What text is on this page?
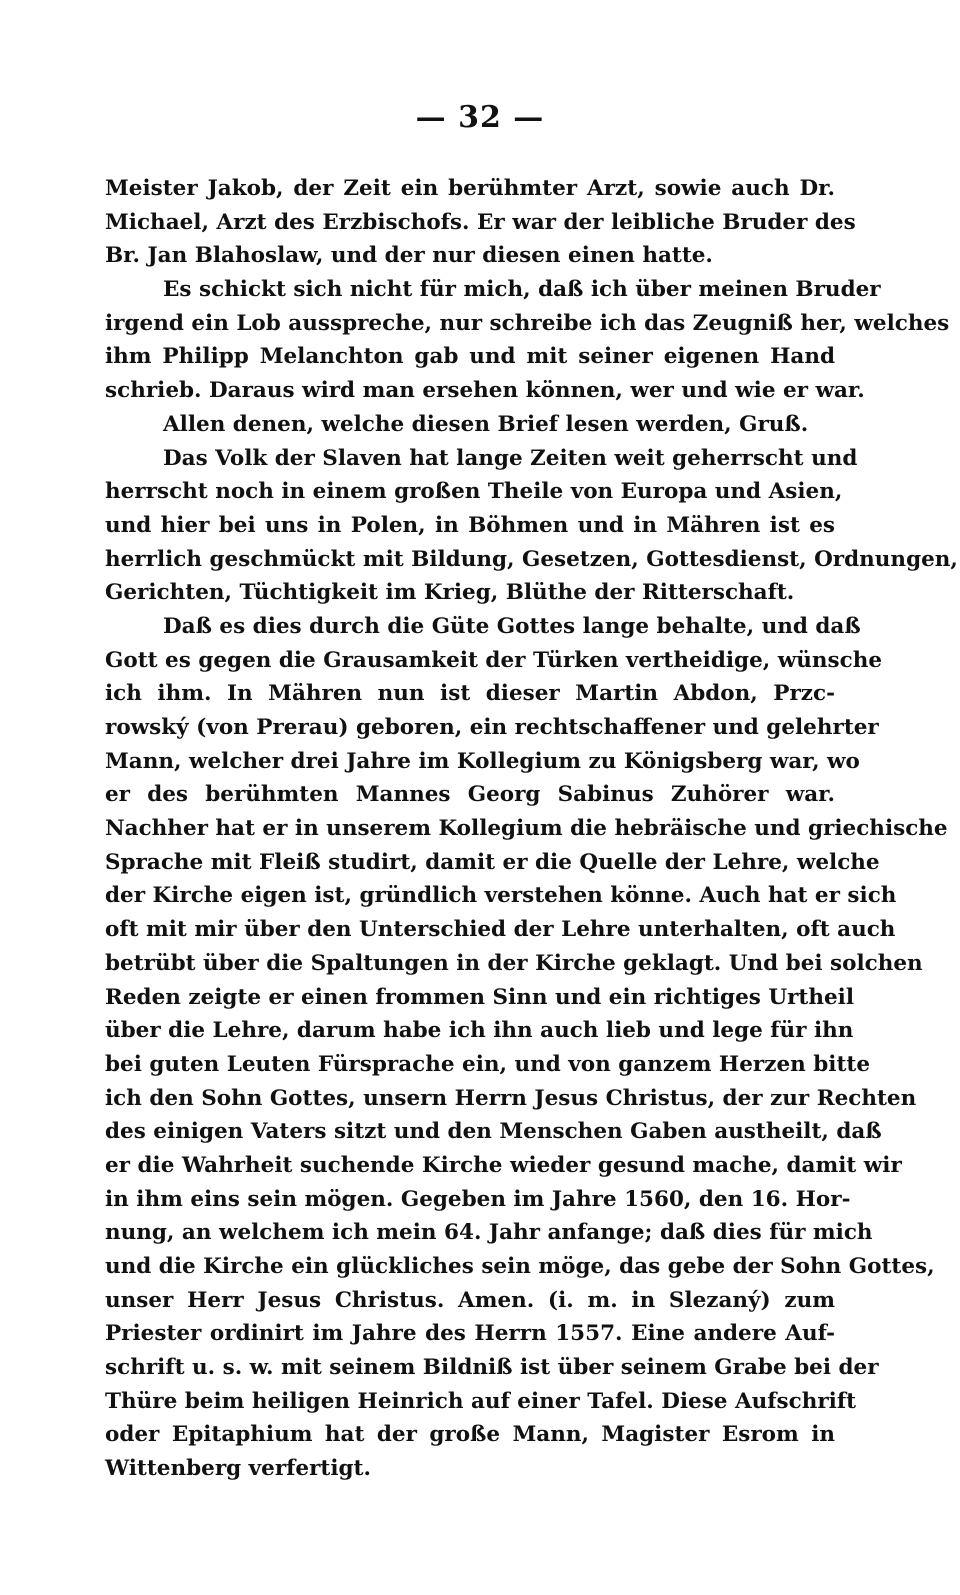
— 32 —
Meister Jakob, der Zeit ein berühmter Arzt, sowie auch Dr.
Michael, Arzt des Erzbischofs. Er war der leibliche Bruder des
Br. Jan Blahoslaw, und der nur diesen einen hatte.
Es schickt sich nicht für mich, daß ich über meinen Bruder
irgend ein Lob ausspreche, nur schreibe ich das Zeugniß her, welches
ihm Philipp Melanchton gab und mit seiner eigenen Hand
schrieb. Daraus wird man ersehen können, wer und wie er war.
Allen denen, welche diesen Brief lesen werden, Gruß.
Das Volk der Slaven hat lange Zeiten weit geherrscht und
herrscht noch in einem großen Theile von Europa und Asien,
und hier bei uns in Polen, in Böhmen und in Mähren ist es
herrlich geschmückt mit Bildung, Gesetzen, Gottesdienst, Ordnungen,
Gerichten, Tüchtigkeit im Krieg, Blüthe der Ritterschaft.
Daß es dies durch die Güte Gottes lange behalte, und daß
Gott es gegen die Grausamkeit der Türken vertheidige, wünsche
ich ihm. In Mähren nun ist dieser Martin Abdon, Przc-
rowský (von Prerau) geboren, ein rechtschaffener und gelehrter
Mann, welcher drei Jahre im Kollegium zu Königsberg war, wo
er des berühmten Mannes Georg Sabinus Zuhörer war.
Nachher hat er in unserem Kollegium die hebräische und griechische
Sprache mit Fleiß studirt, damit er die Quelle der Lehre, welche
der Kirche eigen ist, gründlich verstehen könne. Auch hat er sich
oft mit mir über den Unterschied der Lehre unterhalten, oft auch
betrübt über die Spaltungen in der Kirche geklagt. Und bei solchen
Reden zeigte er einen frommen Sinn und ein richtiges Urtheil
über die Lehre, darum habe ich ihn auch lieb und lege für ihn
bei guten Leuten Fürsprache ein, und von ganzem Herzen bitte
ich den Sohn Gottes, unsern Herrn Jesus Christus, der zur Rechten
des einigen Vaters sitzt und den Menschen Gaben austheilt, daß
er die Wahrheit suchende Kirche wieder gesund mache, damit wir
in ihm eins sein mögen. Gegeben im Jahre 1560, den 16. Hor-
nung, an welchem ich mein 64. Jahr anfange; daß dies für mich
und die Kirche ein glückliches sein möge, das gebe der Sohn Gottes,
unser Herr Jesus Christus. Amen. (i. m. in Slezaný) zum
Priester ordinirt im Jahre des Herrn 1557. Eine andere Auf-
schrift u. s. w. mit seinem Bildniß ist über seinem Grabe bei der
Thüre beim heiligen Heinrich auf einer Tafel. Diese Aufschrift
oder Epitaphium hat der große Mann, Magister Esrom in
Wittenberg verfertigt.
